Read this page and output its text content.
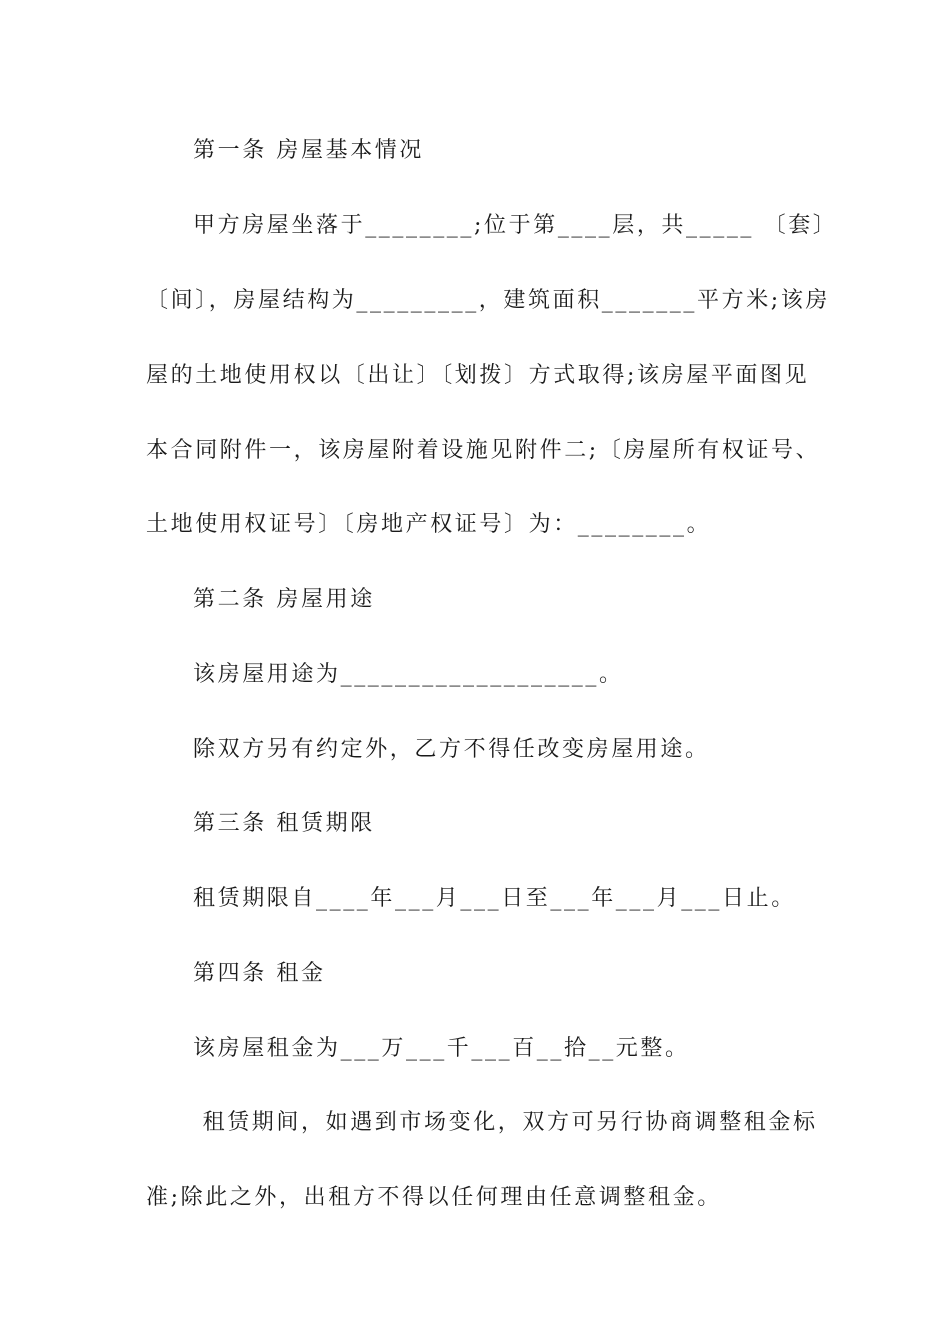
第一条 房屋基本情况

甲方房屋坐落于________;位于第____层，共_____ 〔套〕

〔间〕，房屋结构为_________，建筑面积_______平方米;该房

屋的土地使用权以〔出让〕〔划拨〕方式取得;该房屋平面图见

本合同附件一，该房屋附着设施见附件二;〔房屋所有权证号、

土地使用权证号〕〔房地产权证号〕为：________。

第二条 房屋用途

该房屋用途为___________________。

除双方另有约定外，乙方不得任改变房屋用途。

第三条 租赁期限

租赁期限自____年___月___日至___年___月___日止。

第四条 租金

该房屋租金为___万___千___百__拾__元整。

租赁期间，如遇到市场变化，双方可另行协商调整租金标

准;除此之外，出租方不得以任何理由任意调整租金。
